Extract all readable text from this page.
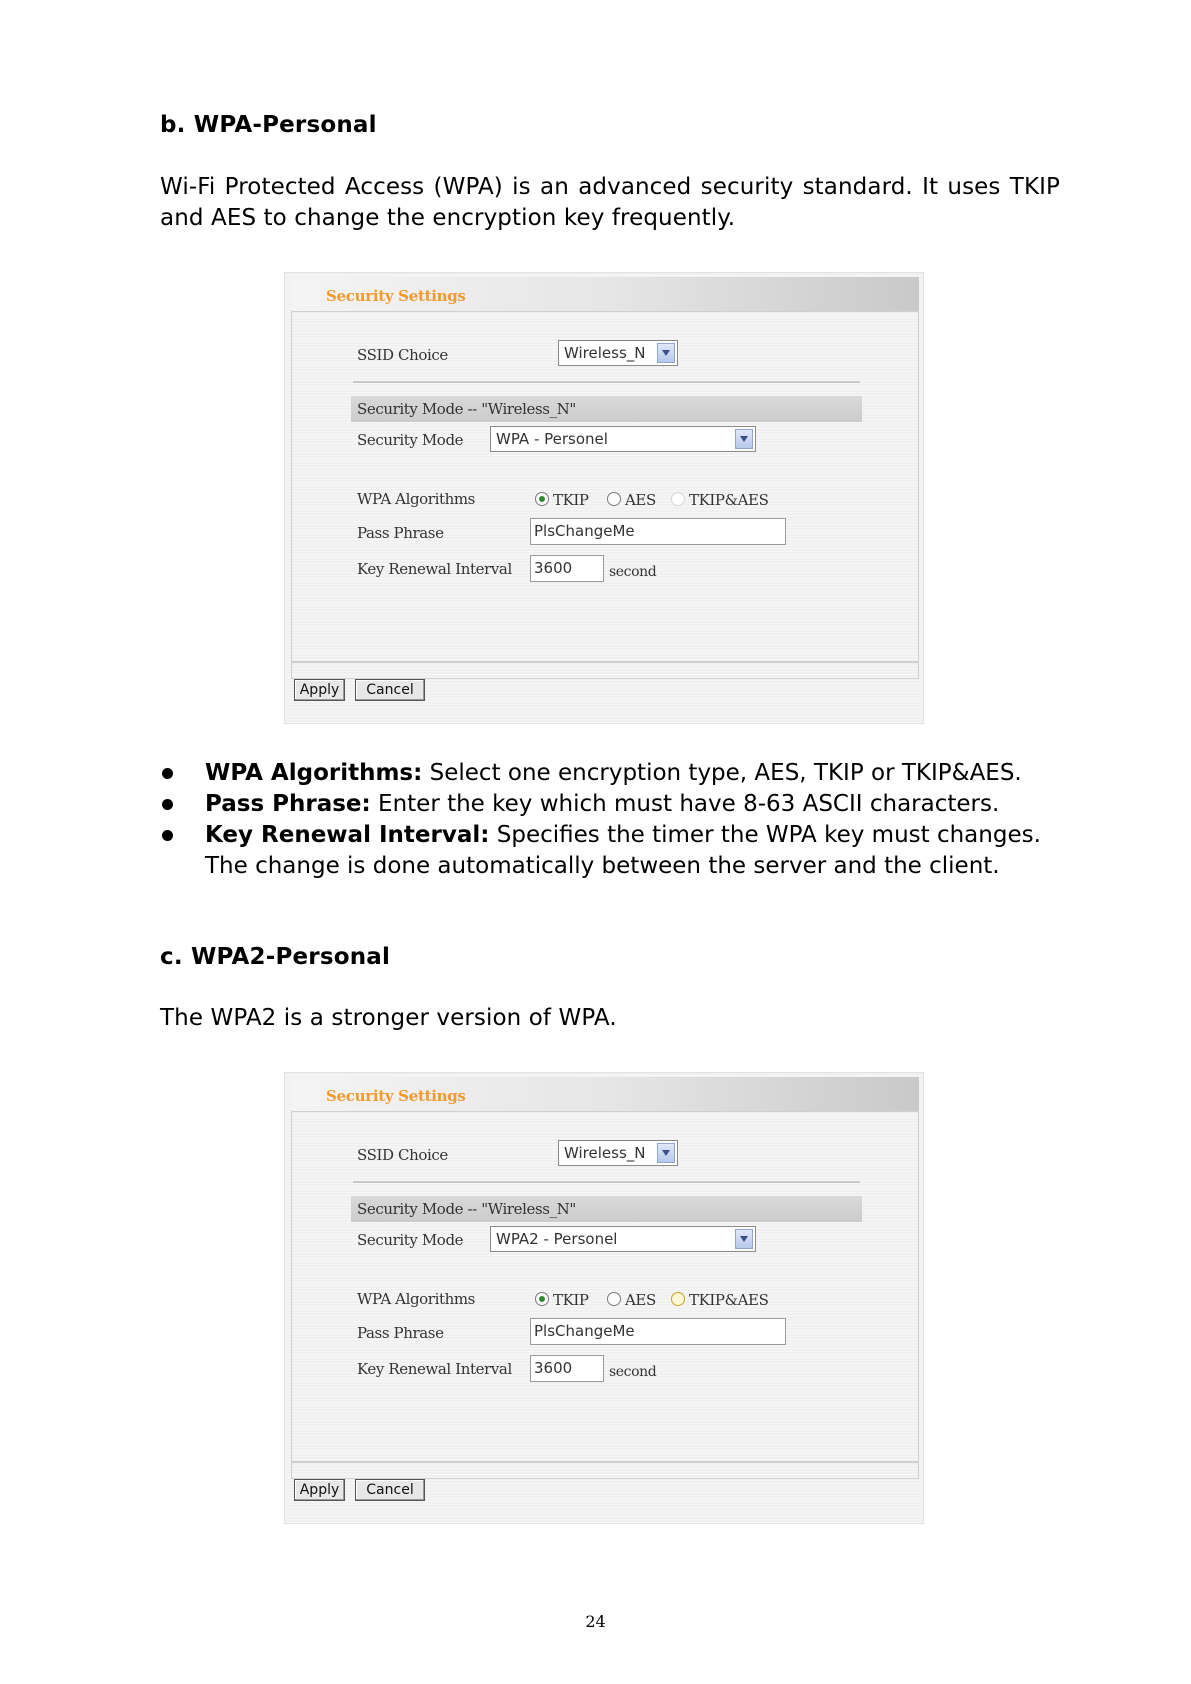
b. WPA-Personal
Wi-Fi Protected Access (WPA) is an advanced security standard. It uses TKIP and AES to change the encryption key frequently.
Security Settings
SSID Choice	Wireless_N
Security Mode -- "Wireless_N"
Security Mode	WPA - Personel
WPA Algorithms	TKIP AES TKIP&AES
Pass Phrase	PlsChangeMe
Key Renewal Interval 3600	second
Apply	Cancel
WPA Algorithms: Select one encryption type, AES, TKIP or TKIP&AES.
Pass Phrase: Enter the key which must have 8-63 ASCII characters.
Key Renewal Interval: Specifies the timer the WPA key must changes. The change is done automatically between the server and the client.
c. WPA2-Personal
The WPA2 is a stronger version of WPA.
Security Settings
SSID Choice	Wireless_N
Security Mode -- "Wireless_N"
Security Mode	WPA2 - Personel
WPA Algorithms	TKIP AES TKIP&AES
Pass Phrase	PlsChangeMe
Key Renewal Interval 3600	second
Apply	Cancel
24
